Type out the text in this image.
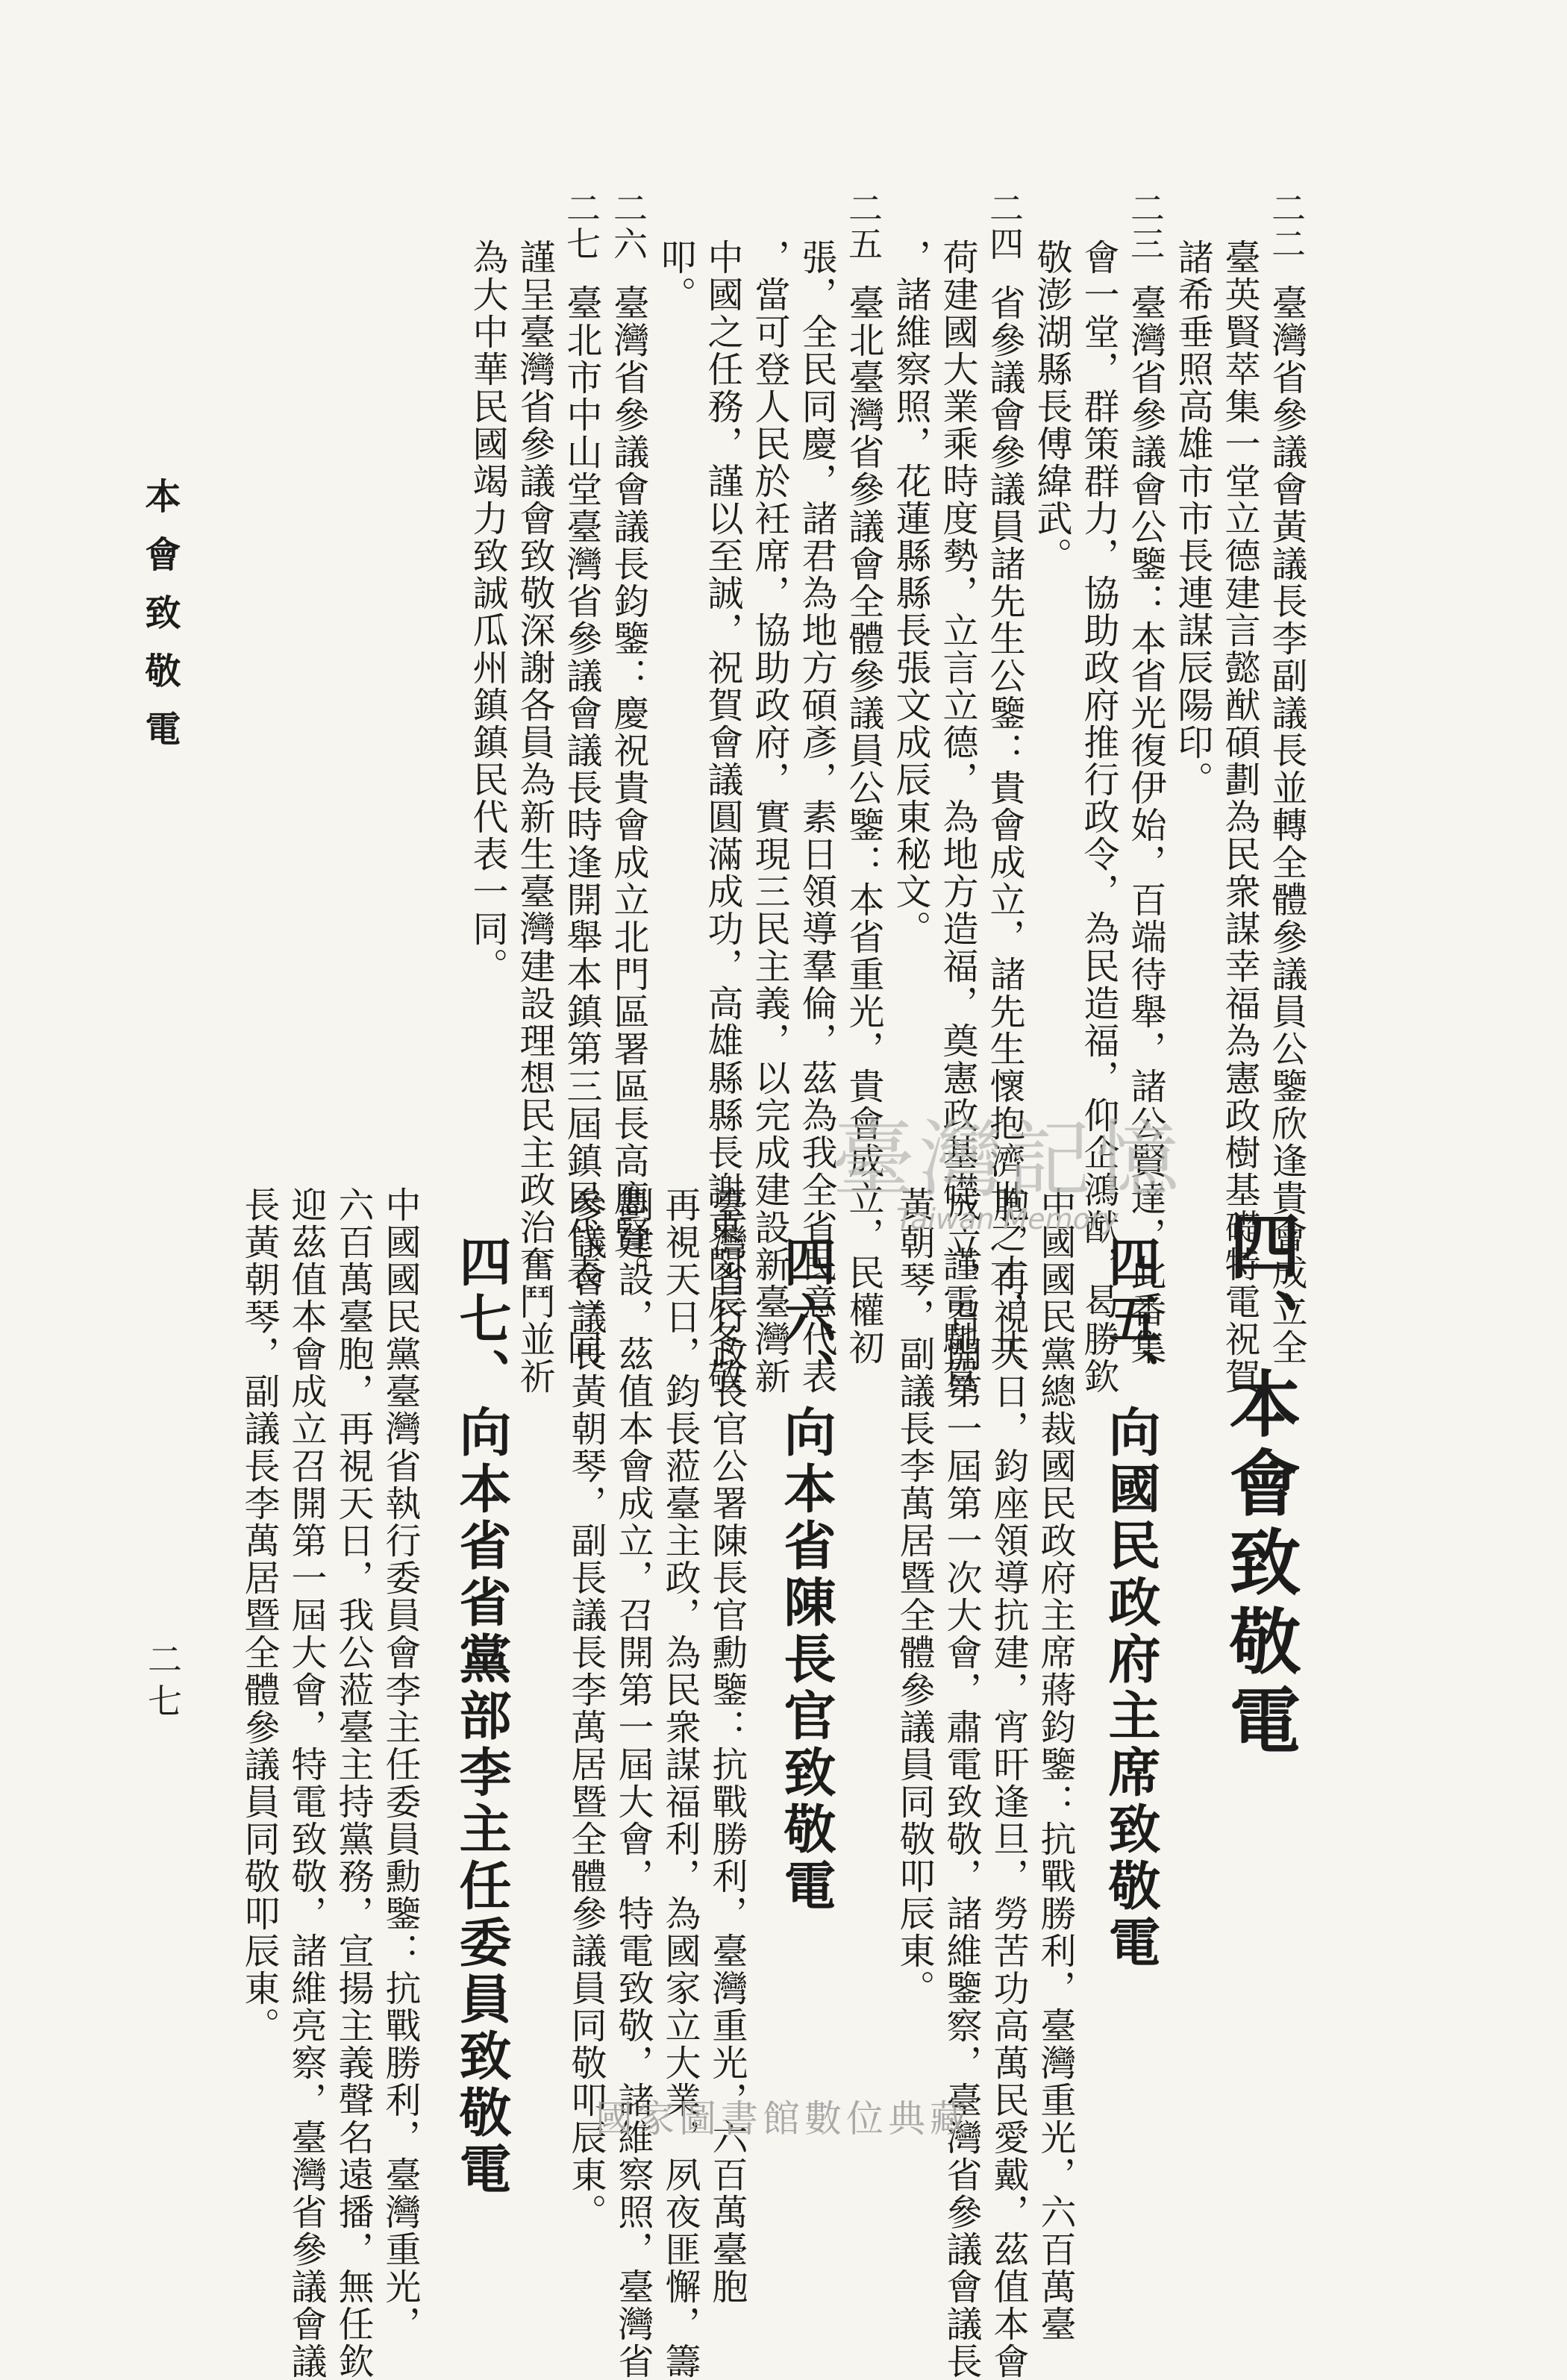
本會致敬電
二七
二二臺灣省參議會黃議長李副議長並轉全體參議員公鑒欣逢貴會成立全
臺英賢萃集一堂立德建言懿猷碩劃為民衆謀幸福為憲政樹基礎特電祝賀
諸希垂照高雄市市長連謀辰陽印。
二三臺灣省參議會公鑒：本省光復伊始，百端待舉，諸公賢達，此番集
會一堂，群策群力，協助政府推行政令，為民造福，仰企鴻猷，曷勝欽
敬澎湖縣長傅緯武。
二四省參議會參議員諸先生公鑒：貴會成立，諸先生懷抱濟世之才，共
荷建國大業乘時度勢，立言立德，為地方造福，奠憲政基礎，謹電馳賀
，諸維察照，花蓮縣縣長張文成辰東秘文。
二五臺北臺灣省參議會全體參議員公鑒：本省重光，貴會成立，民權初
張，全民同慶，諸君為地方碩彥，素日領導羣倫，茲為我全省民意代表
，當可登人民於衽席，協助政府，實現三民主義，以完成建設新臺灣新
中國之任務，謹以至誠，祝賀會議圓滿成功，高雄縣縣長謝東閔辰冬敬
叩。
二六臺灣省參議會議長鈞鑒：慶祝貴會成立北門區署區長高應賢。
二七臺北市中山堂臺灣省參議會議長時逢開舉本鎮第三屆鎮民代表一同
謹呈臺灣省參議會致敬深謝各員為新生臺灣建設理想民主政治奮鬥並祈
為大中華民國竭力致誠瓜州鎮鎮民代表一同。
四、本會致敬電
四五、向國民政府主席致敬電
中國國民黨總裁國民政府主席蔣鈞鑒：抗戰勝利，臺灣重光，六百萬臺
胞，再視天日，鈞座領導抗建，宵旰逢旦，勞苦功高萬民愛戴，茲值本會
成立，召開第一屆第一次大會，肅電致敬，諸維鑒察，臺灣省參議會議長
黃朝琴，副議長李萬居暨全體參議員同敬叩辰東。
四六、向本省陳長官致敬電
臺灣省行政長官公署陳長官勳鑒：抗戰勝利，臺灣重光，六百萬臺胞
再視天日，鈞長蒞臺主政，為民衆謀福利，為國家立大業，夙夜匪懈，籌
劃建設，茲值本會成立，召開第一屆大會，特電致敬，諸維察照，臺灣省
參議會議長黃朝琴，副長議長李萬居暨全體參議員同敬叩辰東。
四七、向本省省黨部李主任委員致敬電
中國國民黨臺灣省執行委員會李主任委員勳鑒：抗戰勝利，臺灣重光，
六百萬臺胞，再視天日，我公蒞臺主持黨務，宣揚主義聲名遠播，無任欽
迎茲值本會成立召開第一屆大會，特電致敬，諸維亮察，臺灣省參議會議
長黃朝琴，副議長李萬居暨全體參議員同敬叩辰東。
臺灣記憶
Taiwan Memory
國家圖書館數位典藏
